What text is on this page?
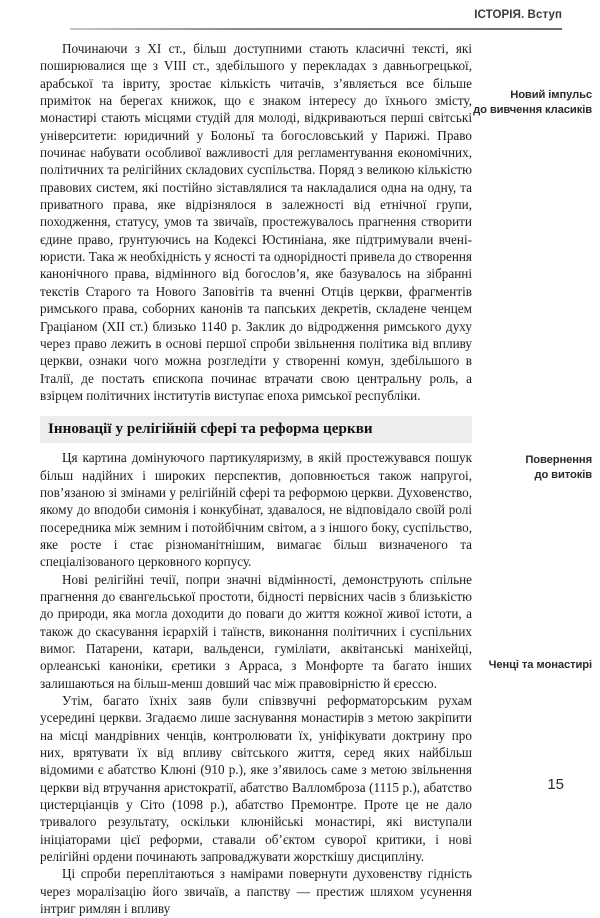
ІСТОРІЯ. Вступ

Починаючи з XI ст., більш доступними стають класичні тексті, які поширювалися ще з VIII ст., здебільшого у перекладах з давньогрецької, арабської та івриту, зростає кількість читачів, з’являється все більше приміток на берегах книжок, що є знаком інтересу до їхнього змісту, монастирі стають місцями студій для молоді, відкриваються перші світські університети: юридичний у Болоньї та богословський у Парижі. Право починає набувати особливої важливості для регламентування економічних, політичних та релігійних складових суспільства. Поряд з великою кількістю правових систем, які постійно зіставлялися та накладалися одна на одну, та приватного права, яке відрізнялося в залежності від етнічної групи, походження, статусу, умов та звичаїв, простежувалось прагнення створити єдине право, ґрунтуючись на Кодексі Юстиніана, яке підтримували вчені-юристи. Така ж необхідність у ясності та однорідності привела до створення канонічного права, відмінного від богослов’я, яке базувалось на зібранні текстів Старого та Нового Заповітів та вченні Отців церкви, фрагментів римського права, соборних канонів та папських декретів, складене ченцем Граціаном (XII ст.) близько 1140 р. Заклик до відродження римського духу через право лежить в основі першої спроби звільнення політика від впливу церкви, ознаки чого можна розгледіти у створенні комун, здебільшого в Італії, де постать єпископа починає втрачати свою центральну роль, а взірцем політичних інститутів виступає епоха римської республіки.

Інновації у релігійній сфері та реформа церкви

Ця картина домінуючого партикуляризму, в якій простежувався пошук більш надійних і широких перспектив, доповнюється також напругоі, пов’язаною зі змінами у релігійній сфері та реформою церкви. Духовенство, якому до вподоби симонія і конкубінат, здавалося, не відповідало своїй ролі посередника між земним і потойбічним світом, а з іншого боку, суспільство, яке росте і стає різноманітнішим, вимагає більш визначеного та спеціалізованого церковного корпусу.

Нові релігійні течії, попри значні відмінності, демонструють спільне прагнення до євангельської простоти, бідності первісних часів з близькістю до природи, яка могла доходити до поваги до життя кожної живої істоти, а також до скасування ієрархій і таїнств, виконання політичних і суспільних вимог. Патарени, катари, вальденси, гуміліати, аквітанські маніхейці, орлеанські каноніки, єретики з Арраса, з Монфорте та багато інших залишаються на більш-менш довший час між правовірністю й єрессю.

Утім, багато їхніх заяв були співзвучні реформаторським рухам усередині церкви. Згадаємо лише заснування монастирів з метою закріпити на місці мандрівних ченців, контролювати їх, уніфікувати доктрину про них, врятувати їх від впливу світського життя, серед яких найбільш відомими є абатство Клюні (910 р.), яке з’явилось саме з метою звільнення церкви від втручання аристократії, абатство Валломброза (1115 р.), абатство цистерціанців у Сіто (1098 р.), абатство Премонтре. Проте це не дало тривалого результату, оскільки клюнійські монастирі, які виступали ініціаторами цієї реформи, ставали об’єктом суворої критики, і нові релігійні ордени починають запроваджувати жорсткішу дисципліну.

Ці спроби переплітаються з намірами повернути духовенству гідність через моралізацію його звичаїв, а папству — престиж шляхом усунення інтриг римлян і впливу

Новий імпульс
до вивчення класиків
Повернення
до витоків
Ченці та монастирі
15
